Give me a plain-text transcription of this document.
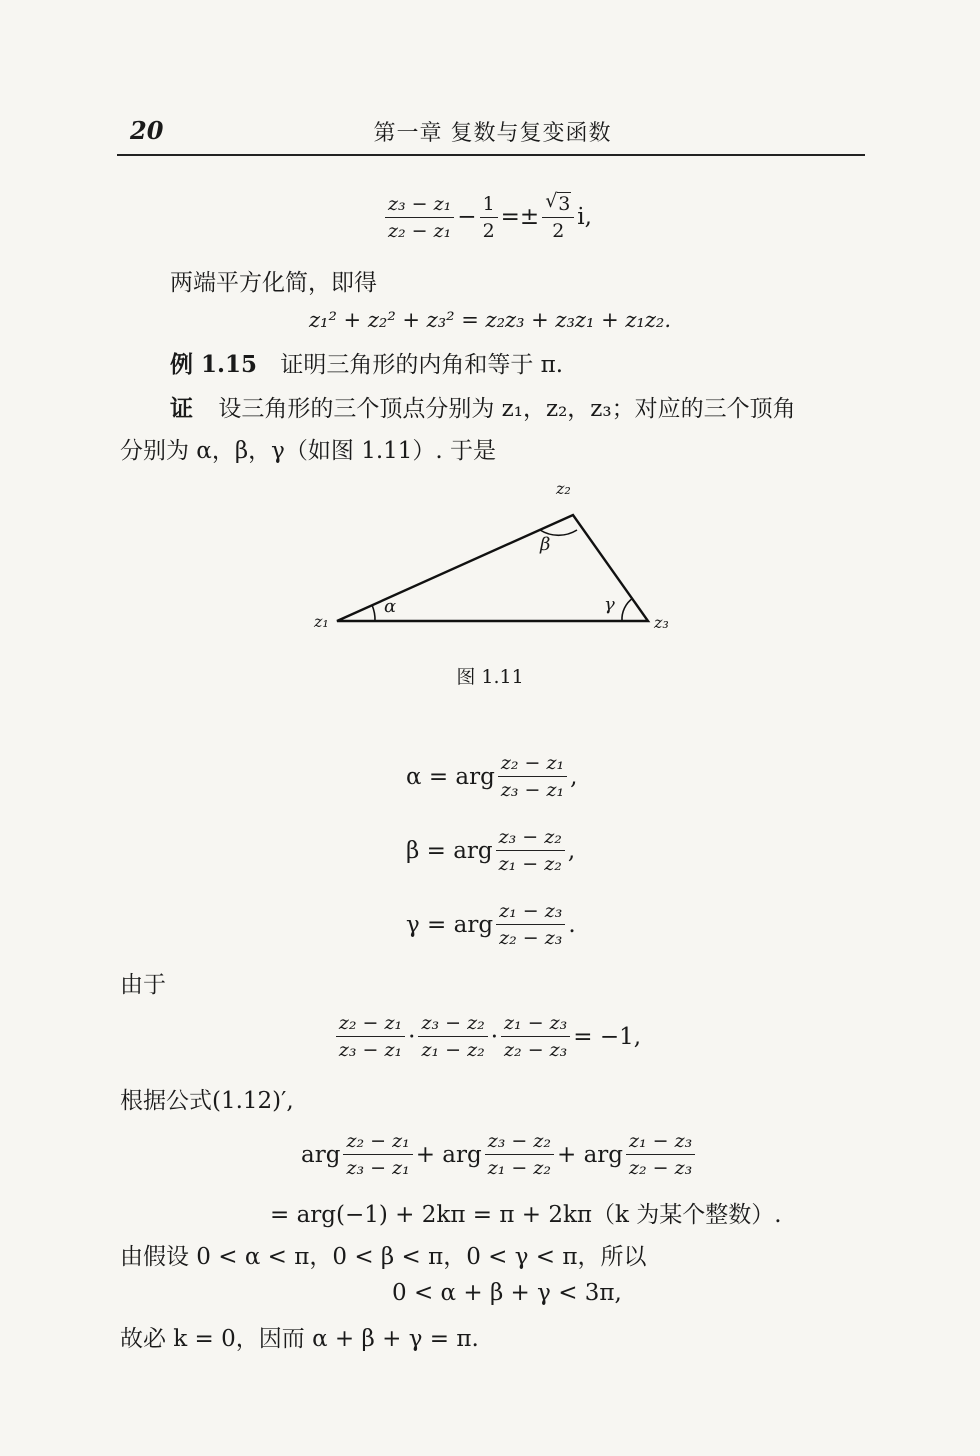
20	第一章 复数与复变函数
$\frac{\text{z₃ − z₁}}{\text{z₂ − z₁}} - \frac{1}{2} =\pm \frac{√ 3}{2} i$,
两端平方化简，即得
z₁² + z₂² + z₃² = z₂z₃ + z₃z₁ + z₁z₂.
例 1.15 证明三角形的内角和等于 π.
证 设三角形的三个顶点分别为 z₁，z₂，z₃；对应的三个顶角
分别为 α，β，γ（如图 1.11）. 于是
z₁
z₂
z₃
α
β
γ
图 1.11
α = arg $\frac{\text{z₂ − z₁}}{\text{z₃ − z₁}}$ ,
β = arg $\frac{\text{z₃ − z₂}}{\text{z₁ − z₂}}$ ,
γ = arg $\frac{\text{z₁ − z₃}}{\text{z₂ − z₃}}$ .
由于
$\frac{\text{z₂ − z₁}}{\text{z₃ − z₁}} \cdot \frac{\text{z₃ − z₂}}{\text{z₁ − z₂}} \cdot \frac{\text{z₁ − z₃}}{\text{z₂ − z₃}} = -1$,
根据公式(1.12)′,
arg $\frac{\text{z₂ − z₁}}{\text{z₃ − z₁}}$ + arg $\frac{\text{z₃ − z₂}}{\text{z₁ − z₂}}$ + arg $\frac{\text{z₁ − z₃}}{\text{z₂ − z₃}}$
= arg(−1) + 2kπ = π + 2kπ（k 为某个整数）.
由假设 0 < α < π，0 < β < π，0 < γ < π，所以
0 < α + β + γ < 3π,
故必 k = 0，因而 α + β + γ = π.
